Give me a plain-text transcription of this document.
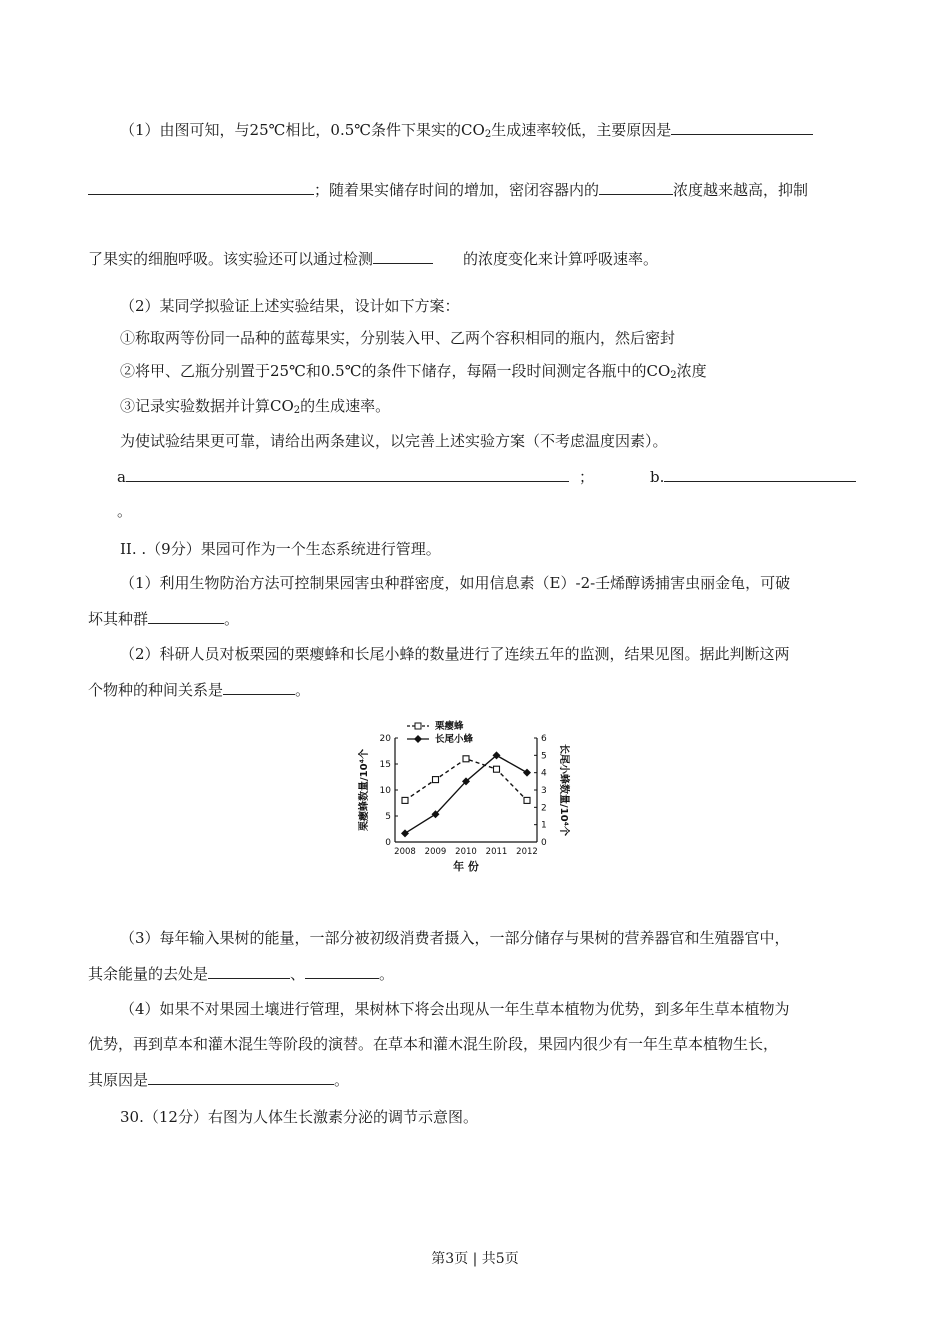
（1）由图可知，与25℃相比，0.5℃条件下果实的$CO_2$生成速率较低，主要原因是
；随着果实储存时间的增加，密闭容器内的	浓度越来越高，抑制
了果实的细胞呼吸。该实验还可以通过检测	的浓度变化来计算呼吸速率。
（2）某同学拟验证上述实验结果，设计如下方案：
①称取两等份同一品种的蓝莓果实，分别装入甲、乙两个容积相同的瓶内，然后密封
②将甲、乙瓶分别置于25℃和0.5℃的条件下储存，每隔一段时间测定各瓶中的$CO_2$浓度
③记录实验数据并计算$CO_2$的生成速率。
为使试验结果更可靠，请给出两条建议，以完善上述实验方案（不考虑温度因素）。
a	；	b.
。
II. .（9分）果园可作为一个生态系统进行管理。
（1）利用生物防治方法可控制果园害虫种群密度，如用信息素（E）-2-壬烯醇诱捕害虫丽金龟，可破
坏其种群	。
（2）科研人员对板栗园的栗瘿蜂和长尾小蜂的数量进行了连续五年的监测，结果见图。据此判断这两
个物种的种间关系是	。
0
5
10
15
20
0
1
2
3
4
5
6
2008 2009 2010 2011 2012
年 份
栗瘿蜂数量/10⁴个	长尾小蜂数量/10⁴个
栗瘿蜂
长尾小蜂
（3）每年输入果树的能量，一部分被初级消费者摄入，一部分储存与果树的营养器官和生殖器官中，
其余能量的去处是	、	。
（4）如果不对果园土壤进行管理，果树林下将会出现从一年生草本植物为优势，到多年生草本植物为
优势，再到草本和灌木混生等阶段的演替。在草本和灌木混生阶段，果园内很少有一年生草本植物生长，
其原因是	。
30.（12分）右图为人体生长激素分泌的调节示意图。
第3页 | 共5页
